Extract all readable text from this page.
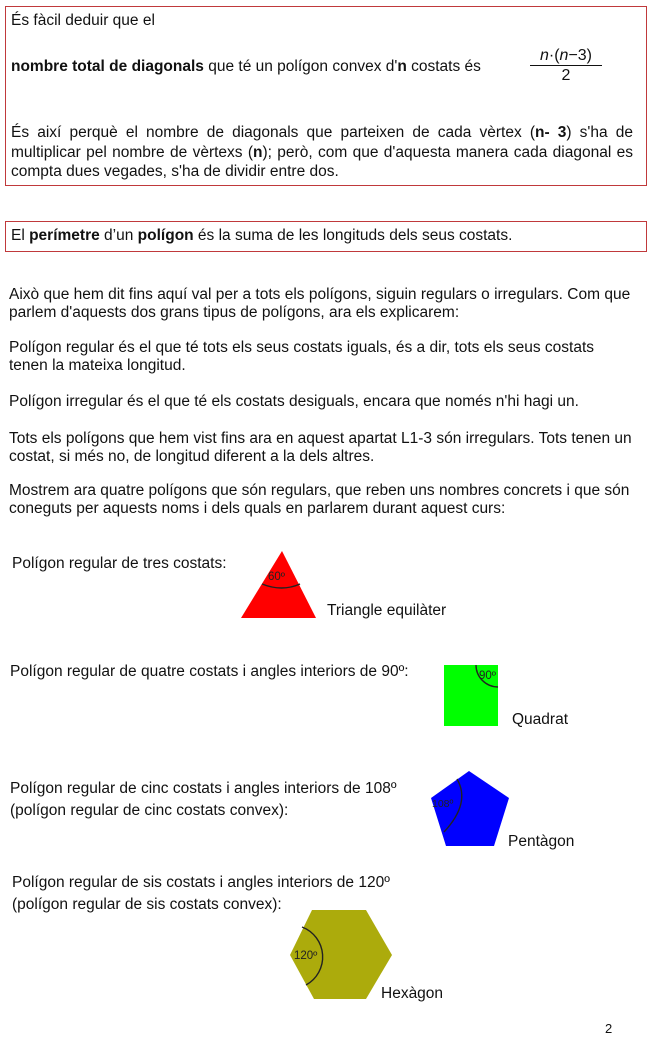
És fàcil deduir que el
nombre total de diagonals que té un polígon convex d'n costats és	$\frac{n\cdot(n-3)}{2}$
És així perquè el nombre de diagonals que parteixen de cada vèrtex (n- 3) s'ha de multiplicar pel nombre de vèrtexs (n); però, com que d'aquesta manera cada diagonal es compta dues vegades, s'ha de dividir entre dos.
El perímetre d’un polígon és la suma de les longituds dels seus costats.
Això que hem dit fins aquí val per a tots els polígons, siguin regulars o irregulars. Com que parlem d'aquests dos grans tipus de polígons, ara els explicarem:
Polígon regular és el que té tots els seus costats iguals, és a dir, tots els seus costats tenen la mateixa longitud.
Polígon irregular és el que té els costats desiguals, encara que només n'hi hagi un.
Tots els polígons que hem vist fins ara en aquest apartat L1-3 són irregulars. Tots tenen un costat, si més no, de longitud diferent a la dels altres.
Mostrem ara quatre polígons que són regulars, que reben uns nombres concrets i que són coneguts per aquests noms i dels quals en parlarem durant aquest curs:
Polígon regular de tres costats:
Polígon regular de quatre costats i angles interiors de 90º:
Polígon regular de cinc costats i angles interiors de 108º
(polígon regular de cinc costats convex):
Polígon regular de sis costats i angles interiors de 120º
(polígon regular de sis costats convex):
60º
90º
108º
120º
Triangle equilàter
Quadrat
Pentàgon
Hexàgon
2
